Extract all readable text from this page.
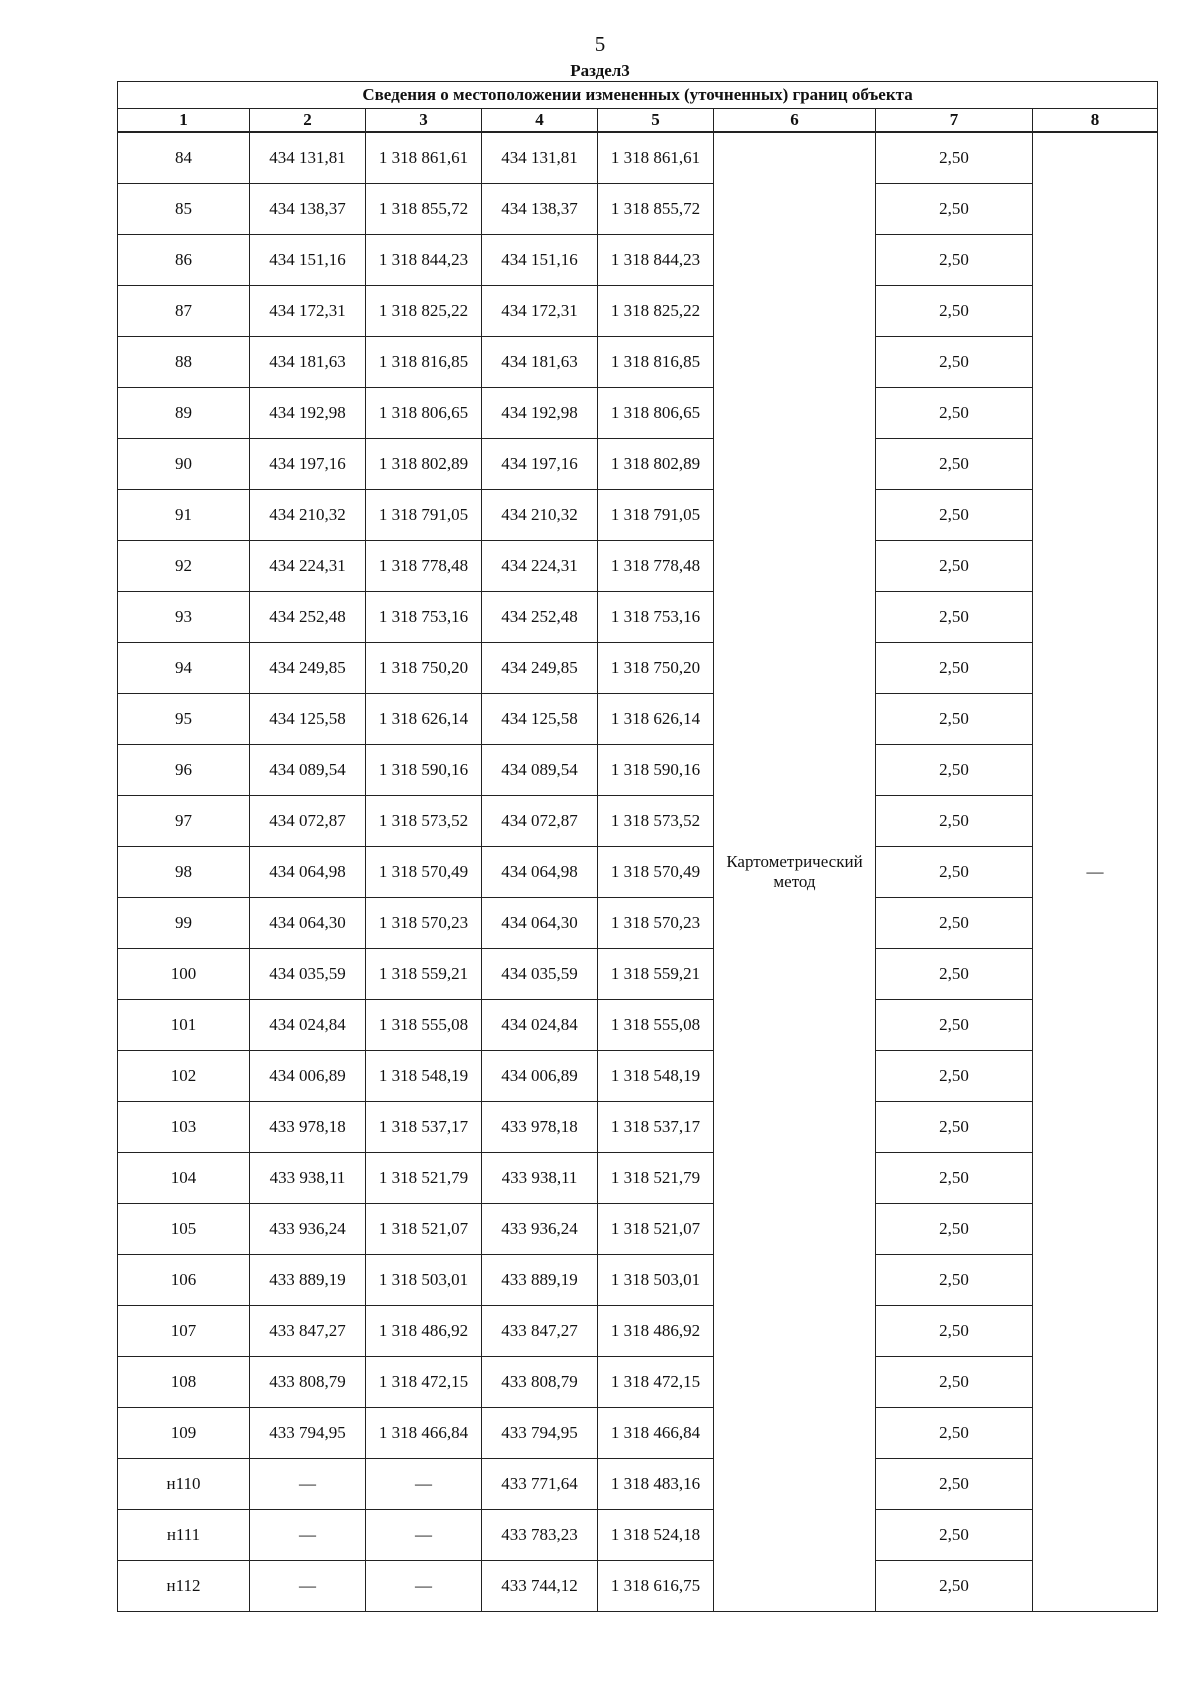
5
Раздел3
Сведения о местоположении измененных (уточненных) границ объекта							
1	2	3	4	5	6	7	8
84	434 131,81	1 318 861,61	434 131,81	1 318 861,61	Картометрический метод	2,50	—
85	434 138,37	1 318 855,72	434 138,37	1 318 855,72		2,50	
86	434 151,16	1 318 844,23	434 151,16	1 318 844,23		2,50	
87	434 172,31	1 318 825,22	434 172,31	1 318 825,22		2,50	
88	434 181,63	1 318 816,85	434 181,63	1 318 816,85		2,50	
89	434 192,98	1 318 806,65	434 192,98	1 318 806,65		2,50	
90	434 197,16	1 318 802,89	434 197,16	1 318 802,89		2,50	
91	434 210,32	1 318 791,05	434 210,32	1 318 791,05		2,50	
92	434 224,31	1 318 778,48	434 224,31	1 318 778,48		2,50	
93	434 252,48	1 318 753,16	434 252,48	1 318 753,16		2,50	
94	434 249,85	1 318 750,20	434 249,85	1 318 750,20		2,50	
95	434 125,58	1 318 626,14	434 125,58	1 318 626,14		2,50	
96	434 089,54	1 318 590,16	434 089,54	1 318 590,16		2,50	
97	434 072,87	1 318 573,52	434 072,87	1 318 573,52		2,50	
98	434 064,98	1 318 570,49	434 064,98	1 318 570,49		2,50	
99	434 064,30	1 318 570,23	434 064,30	1 318 570,23		2,50	
100	434 035,59	1 318 559,21	434 035,59	1 318 559,21		2,50	
101	434 024,84	1 318 555,08	434 024,84	1 318 555,08		2,50	
102	434 006,89	1 318 548,19	434 006,89	1 318 548,19		2,50	
103	433 978,18	1 318 537,17	433 978,18	1 318 537,17		2,50	
104	433 938,11	1 318 521,79	433 938,11	1 318 521,79		2,50	
105	433 936,24	1 318 521,07	433 936,24	1 318 521,07		2,50	
106	433 889,19	1 318 503,01	433 889,19	1 318 503,01		2,50	
107	433 847,27	1 318 486,92	433 847,27	1 318 486,92		2,50	
108	433 808,79	1 318 472,15	433 808,79	1 318 472,15		2,50	
109	433 794,95	1 318 466,84	433 794,95	1 318 466,84		2,50	
н110	—	—	433 771,64	1 318 483,16		2,50	
н111	—	—	433 783,23	1 318 524,18		2,50	
н112	—	—	433 744,12	1 318 616,75		2,50	
